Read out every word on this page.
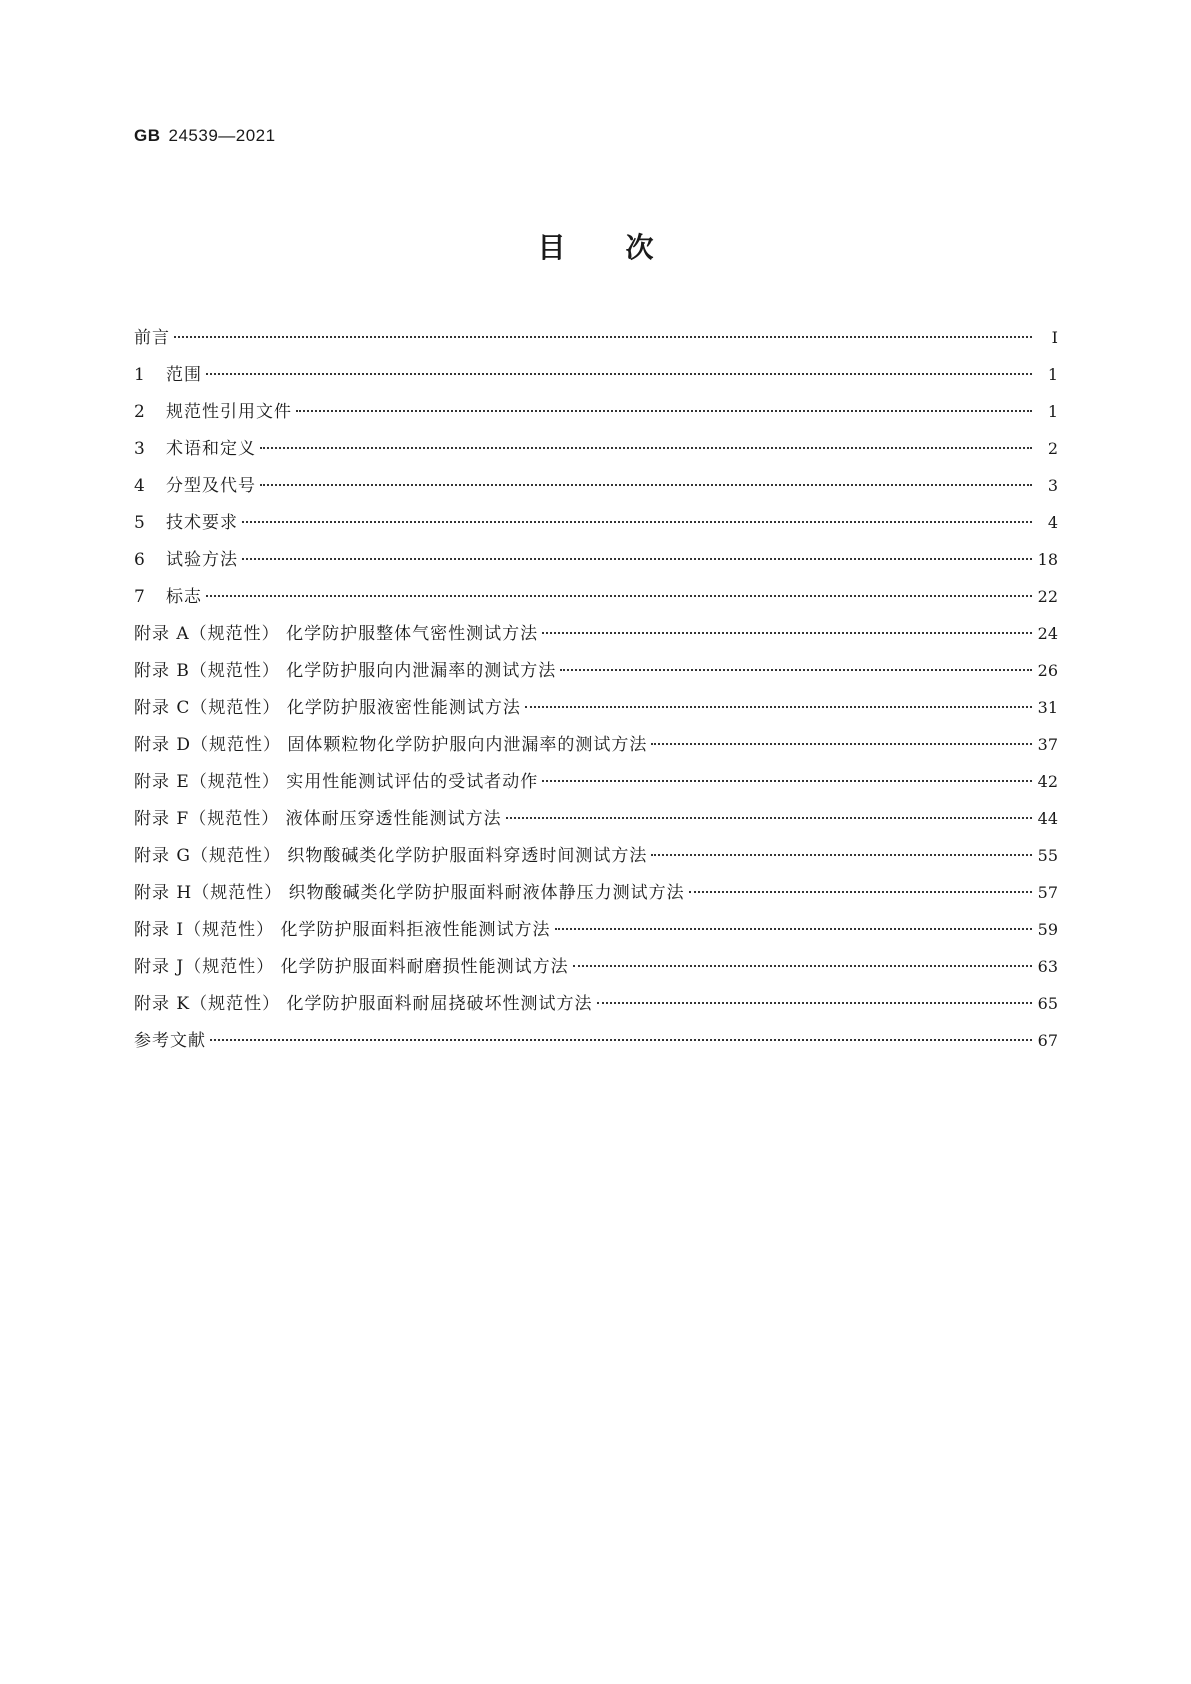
GB 24539—2021
目次
前言	Ⅰ
1 范围	1
2 规范性引用文件	1
3 术语和定义	2
4 分型及代号	3
5 技术要求	4
6 试验方法	18
7 标志	22
附录 A（规范性） 化学防护服整体气密性测试方法	24
附录 B（规范性） 化学防护服向内泄漏率的测试方法	26
附录 C（规范性） 化学防护服液密性能测试方法	31
附录 D（规范性） 固体颗粒物化学防护服向内泄漏率的测试方法	37
附录 E（规范性） 实用性能测试评估的受试者动作	42
附录 F（规范性） 液体耐压穿透性能测试方法	44
附录 G（规范性） 织物酸碱类化学防护服面料穿透时间测试方法	55
附录 H（规范性） 织物酸碱类化学防护服面料耐液体静压力测试方法	57
附录 I（规范性） 化学防护服面料拒液性能测试方法	59
附录 J（规范性） 化学防护服面料耐磨损性能测试方法	63
附录 K（规范性） 化学防护服面料耐屈挠破坏性测试方法	65
参考文献	67
